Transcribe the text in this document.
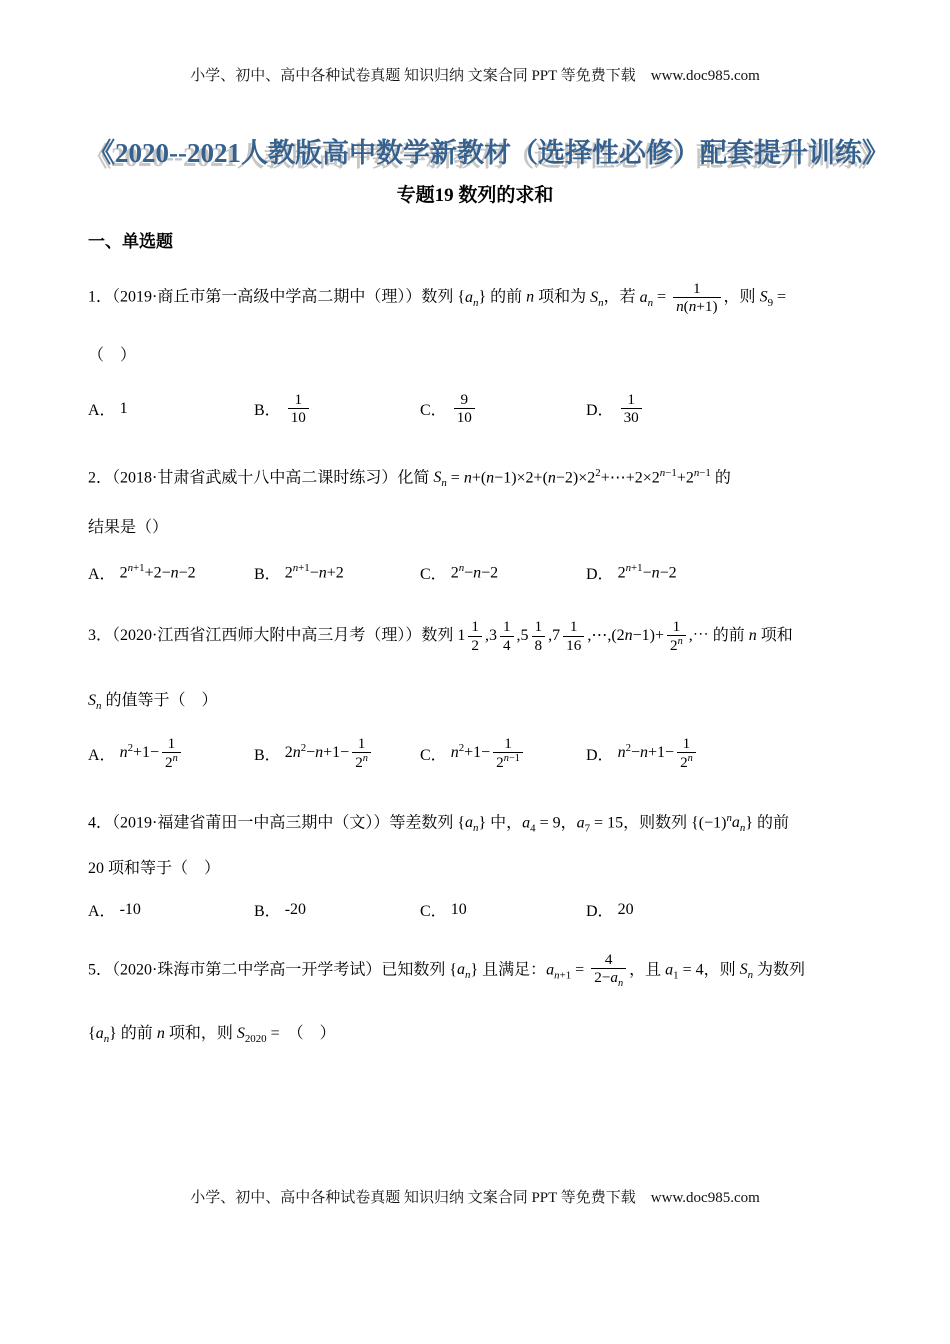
小学、初中、高中各种试卷真题 知识归纳 文案合同 PPT 等免费下载　www.doc985.com
《2020--2021人教版高中数学新教材（选择性必修）配套提升训练》
专题19 数列的求和
一、单选题

1．（2019·商丘市第一高级中学高二期中（理））数列 $\{a_n\}$ 的前 n 项和为 $S_n$，若 $a_n = \frac{1}{n(n+1)}$ ，则 $S_9$ =

（　）

A． 1	B． $\frac{1}{10}$	C． $\frac{9}{10}$	D． $\frac{1}{30}$

2．（2018·甘肃省武威十八中高二课时练习）化简 $S_n$ = $n+(n-1)\times 2+(n-2)\times 2^2+\cdots+2\times 2^{n-1}+2^{n-1}$ 的

结果是（）

A． $2^{n+1}+2-n-2$	B． $2^{n+1}-n+2$	C． $2^n-n-2$	D． $2^{n+1}-n-2$

3．（2020·江西省江西师大附中高三月考（理））数列 $1 \frac{1}{2} ,3 \frac{1}{4} ,5 \frac{1}{8} ,7 \frac{1}{16}$ ,⋯,(2n−1)+ $\frac{1}{2^n}$ ,⋯ 的前 n 项和

$S_n$ 的值等于（　）

A． $n^2+1- \frac{1}{2^n}$	B． $2n^2-n+1- \frac{1}{2^n}$	C． $n^2+1- \frac{1}{2^{n-1}}$	D． $n^2-n+1- \frac{1}{2^n}$

4．（2019·福建省莆田一中高三期中（文））等差数列 $\{a_n\}$ 中，$a_4 = 9$，$a_7 = 15$，则数列 $\{(-1)^na_n\}$ 的前

20 项和等于（　）

A． -10	B． -20	C． 10	D． 20

5．（2020·珠海市第二中学高一开学考试）已知数列 $\{a_n\}$ 且满足：$a_{n+1} = \frac{4}{2-a_n}$ ，且 $a_1 = 4$，则 $S_n$ 为数列

$\{a_n\}$ 的前 n 项和，则 $S_{2020}$ =　（　）

小学、初中、高中各种试卷真题 知识归纳 文案合同 PPT 等免费下载　www.doc985.com
